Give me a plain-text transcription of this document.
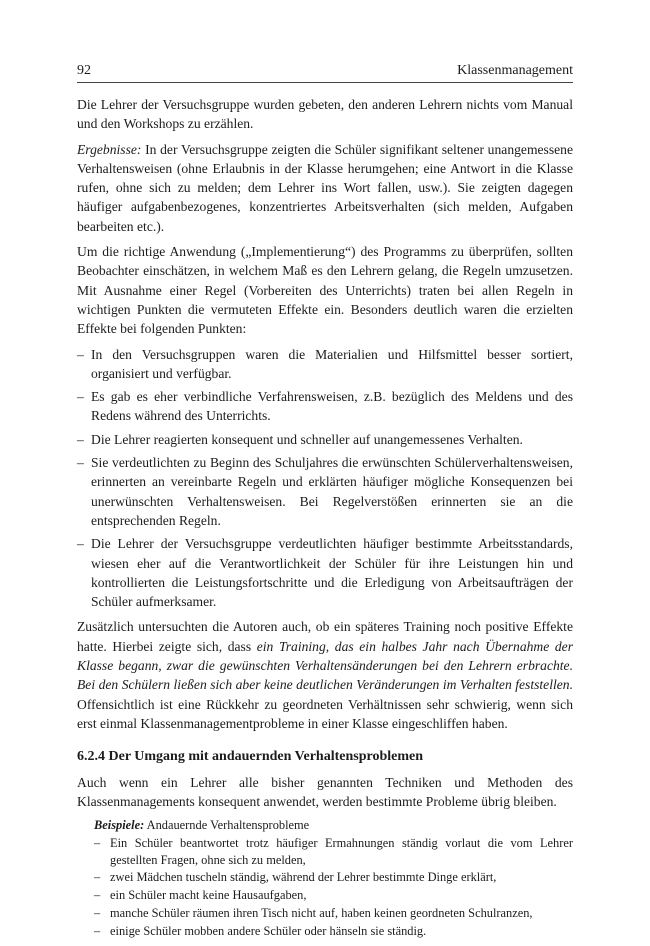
92	Klassenmanagement

Die Lehrer der Versuchsgruppe wurden gebeten, den anderen Lehrern nichts vom Manual und den Workshops zu erzählen.

Ergebnisse: In der Versuchsgruppe zeigten die Schüler signifikant seltener unangemessene Verhaltensweisen (ohne Erlaubnis in der Klasse herumgehen; eine Antwort in die Klasse rufen, ohne sich zu melden; dem Lehrer ins Wort fallen, usw.). Sie zeigten dagegen häufiger aufgabenbezogenes, konzentriertes Arbeitsverhalten (sich melden, Aufgaben bearbeiten etc.).

Um die richtige Anwendung („Implementierung“) des Programms zu überprüfen, sollten Beobachter einschätzen, in welchem Maß es den Lehrern gelang, die Regeln umzusetzen. Mit Ausnahme einer Regel (Vorbereiten des Unterrichts) traten bei allen Regeln in wichtigen Punkten die vermuteten Effekte ein. Besonders deutlich waren die erzielten Effekte bei folgenden Punkten:

– In den Versuchsgruppen waren die Materialien und Hilfsmittel besser sortiert, organisiert und verfügbar.
– Es gab es eher verbindliche Verfahrensweisen, z.B. bezüglich des Meldens und des Redens während des Unterrichts.
– Die Lehrer reagierten konsequent und schneller auf unangemessenes Verhalten.
– Sie verdeutlichten zu Beginn des Schuljahres die erwünschten Schülerverhaltensweisen, erinnerten an vereinbarte Regeln und erklärten häufiger mögliche Konsequenzen bei unerwünschten Verhaltensweisen. Bei Regelverstößen erinnerten sie an die entsprechenden Regeln.
– Die Lehrer der Versuchsgruppe verdeutlichten häufiger bestimmte Arbeitsstandards, wiesen eher auf die Verantwortlichkeit der Schüler für ihre Leistungen hin und kontrollierten die Leistungsfortschritte und die Erledigung von Arbeitsaufträgen der Schüler aufmerksamer.

Zusätzlich untersuchten die Autoren auch, ob ein späteres Training noch positive Effekte hatte. Hierbei zeigte sich, dass ein Training, das ein halbes Jahr nach Übernahme der Klasse begann, zwar die gewünschten Verhaltensänderungen bei den Lehrern erbrachte. Bei den Schülern ließen sich aber keine deutlichen Veränderungen im Verhalten feststellen. Offensichtlich ist eine Rückkehr zu geordneten Verhältnissen sehr schwierig, wenn sich erst einmal Klassenmanagementprobleme in einer Klasse eingeschliffen haben.

6.2.4 Der Umgang mit andauernden Verhaltensproblemen

Auch wenn ein Lehrer alle bisher genannten Techniken und Methoden des Klassenmanagements konsequent anwendet, werden bestimmte Probleme übrig bleiben.

Beispiele: Andauernde Verhaltensprobleme
– Ein Schüler beantwortet trotz häufiger Ermahnungen ständig vorlaut die vom Lehrer gestellten Fragen, ohne sich zu melden,
– zwei Mädchen tuscheln ständig, während der Lehrer bestimmte Dinge erklärt,
– ein Schüler macht keine Hausaufgaben,
– manche Schüler räumen ihren Tisch nicht auf, haben keinen geordneten Schulranzen,
– einige Schüler mobben andere Schüler oder hänseln sie ständig.
